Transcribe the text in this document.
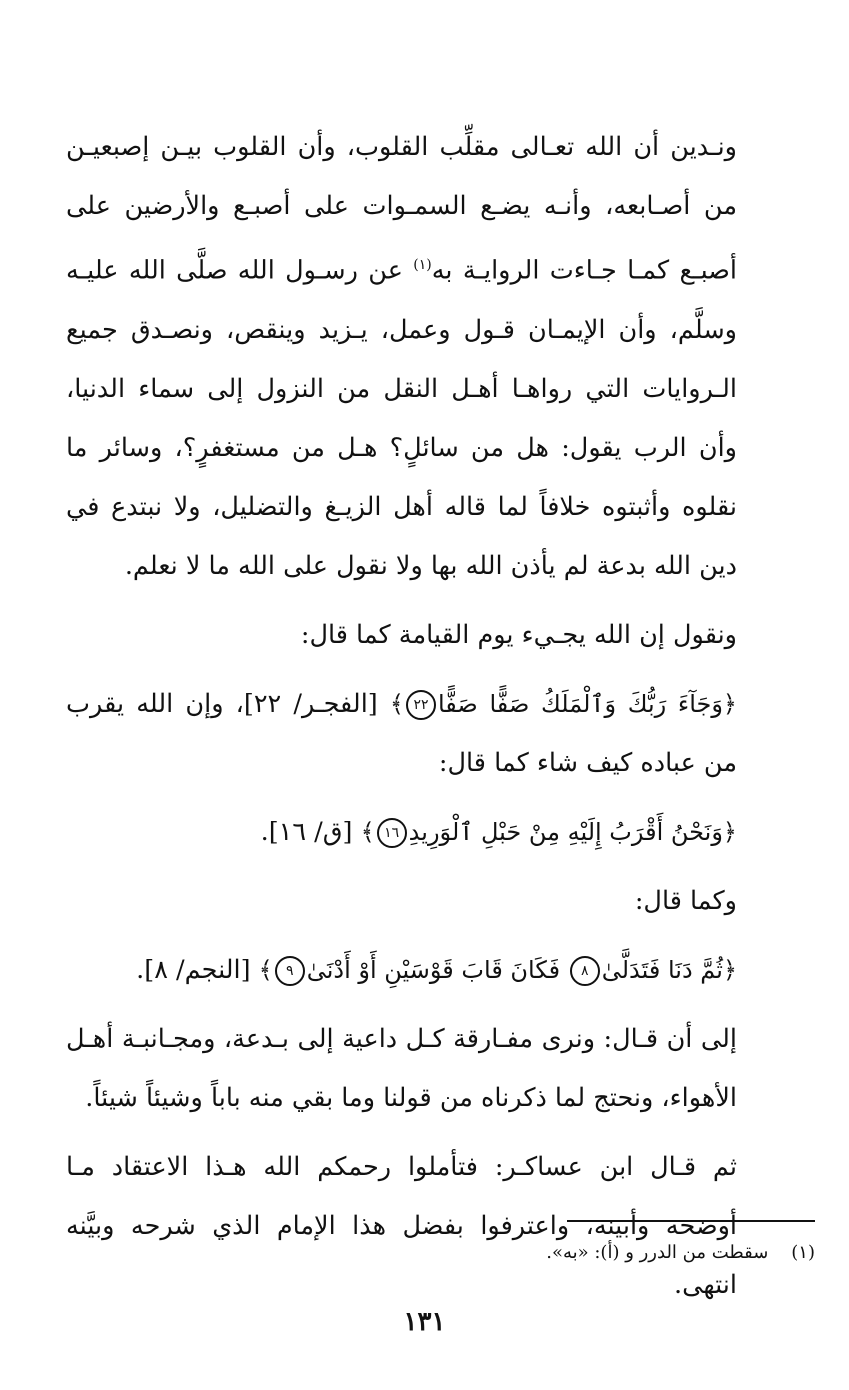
ونـدين أن الله تعـالى مقلِّب القلوب، وأن القلوب بيـن إصبعيـن من أصـابعه، وأنـه يضـع السمـوات على أصبـع والأرضين على أصبـع كمـا جـاءت الروايـة به$^{(١)}$ عن رسـول الله صلَّى الله عليـه وسلَّم، وأن الإيمـان قـول وعمل، يـزيد وينقص، ونصـدق جميع الـروايات التي رواهـا أهـل النقل من النزول إلى سماء الدنيا، وأن الرب يقول: هل من سائلٍ؟ هـل من مستغفرٍ؟، وسائر ما نقلوه وأثبتوه خلافاً لما قاله أهل الزيـغ والتضليل، ولا نبتدع في دين الله بدعة لم يأذن الله بها ولا نقول على الله ما لا نعلم.

ونقول إن الله يجـيء يوم القيامة كما قال:

﴿وَجَآءَ رَبُّكَ وَٱلْمَلَكُ صَفًّا صَفًّا٢٢﴾ [الفجـر/ ٢٢]، وإن الله يقرب من عباده كيف شاء كما قال:

﴿وَنَحْنُ أَقْرَبُ إِلَيْهِ مِنْ حَبْلِ ٱلْوَرِيدِ١٦﴾ [ق/ ١٦].

وكما قال:

﴿ثُمَّ دَنَا فَتَدَلَّىٰ٨ فَكَانَ قَابَ قَوْسَيْنِ أَوْ أَدْنَىٰ٩﴾ [النجم/ ٨].

إلى أن قـال: ونرى مفـارقة كـل داعية إلى بـدعة، ومجـانبـة أهـل الأهواء، ونحتج لما ذكرناه من قولنا وما بقي منه باباً وشيئاً شيئاً.

ثم قـال ابن عساكـر: فتأملوا رحمكم الله هـذا الاعتقاد مـا أوضحه وأبينه، واعترفوا بفضل هذا الإمام الذي شرحه وبيَّنه انتهى.

(١)    سقطت من الدرر و (أ): «به».
١٣١
